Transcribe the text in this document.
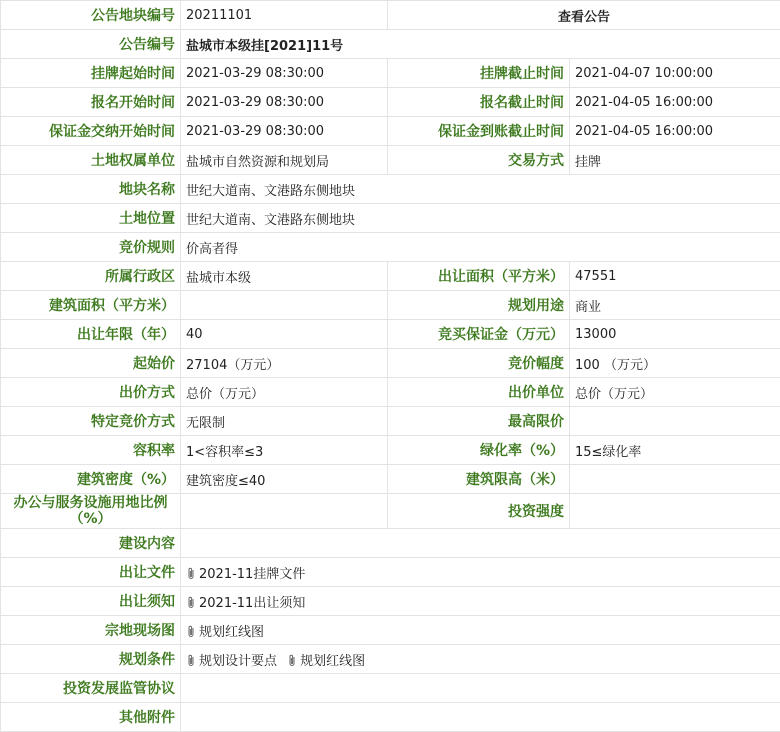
公告地块编号	20211101	查看公告	
公告编号	盐城市本级挂[2021]11号		
挂牌起始时间	2021-03-29 08:30:00	挂牌截止时间	2021-04-07 10:00:00
报名开始时间	2021-03-29 08:30:00	报名截止时间	2021-04-05 16:00:00
保证金交纳开始时间	2021-03-29 08:30:00	保证金到账截止时间	2021-04-05 16:00:00
土地权属单位	盐城市自然资源和规划局	交易方式	挂牌
地块名称	世纪大道南、文港路东侧地块		
土地位置	世纪大道南、文港路东侧地块		
竞价规则	价高者得		
所属行政区	盐城市本级	出让面积（平方米）	47551
建筑面积（平方米）		规划用途	商业
出让年限（年）	40	竞买保证金（万元）	13000
起始价	27104（万元）	竞价幅度	100 （万元）
出价方式	总价（万元）	出价单位	总价（万元）
特定竞价方式	无限制	最高限价	
容积率	1<容积率≤3	绿化率（%）	15≤绿化率
建筑密度（%）	建筑密度≤40	建筑限高（米）	
办公与服务设施用地比例（%）		投资强度	
建设内容			
出让文件	2021-11挂牌文件		
出让须知	2021-11出让须知		
宗地现场图	规划红线图		
规划条件	规划设计要点 规划红线图		
投资发展监管协议			
其他附件			
